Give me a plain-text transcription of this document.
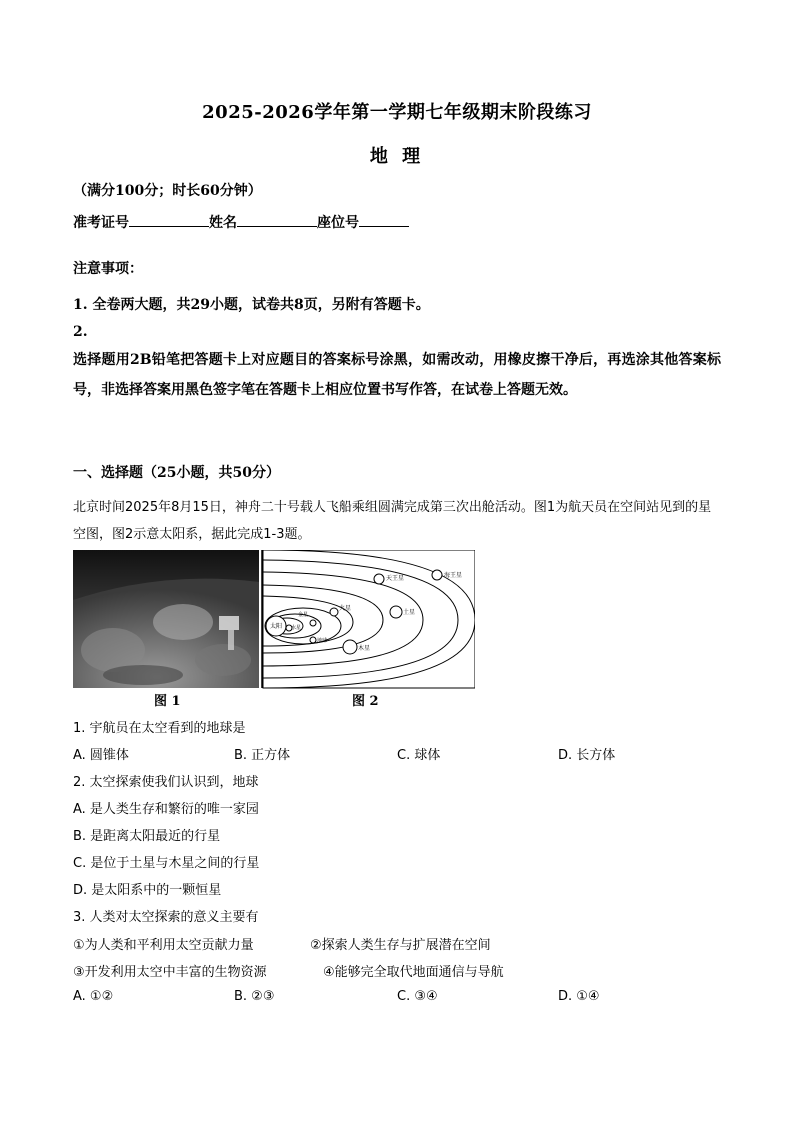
2025-2026学年第一学期七年级期末阶段练习
地 理
（满分100分；时长60分钟）
准考证号	姓名	座位号
注意事项：
1. 全卷两大题，共29小题，试卷共8页，另附有答题卡。
2.
选择题用2B铅笔把答题卡上对应题目的答案标号涂黑，如需改动，用橡皮擦干净后，再选涂其他答案标号，非选择答案用黑色签字笔在答题卡上相应位置书写作答，在试卷上答题无效。
一、选择题（25小题，共50分）
北京时间2025年8月15日，神舟二十号载人飞船乘组圆满完成第三次出舱活动。图1为航天员在空间站见到的星空图，图2示意太阳系，据此完成1-3题。
太阳 水星
金星
地球
火星
木星
土星
天王星	海王星
图 1	图 2
1. 宇航员在太空看到的地球是
A. 圆锥体	B. 正方体	C. 球体	D. 长方体
2. 太空探索使我们认识到，地球
A. 是人类生存和繁衍的唯一家园
B. 是距离太阳最近的行星
C. 是位于土星与木星之间的行星
D. 是太阳系中的一颗恒星
3. 人类对太空探索的意义主要有
①为人类和平利用太空贡献力量	②探索人类生存与扩展潜在空间
③开发利用太空中丰富的生物资源	④能够完全取代地面通信与导航
A. ①②	B. ②③	C. ③④	D. ①④
